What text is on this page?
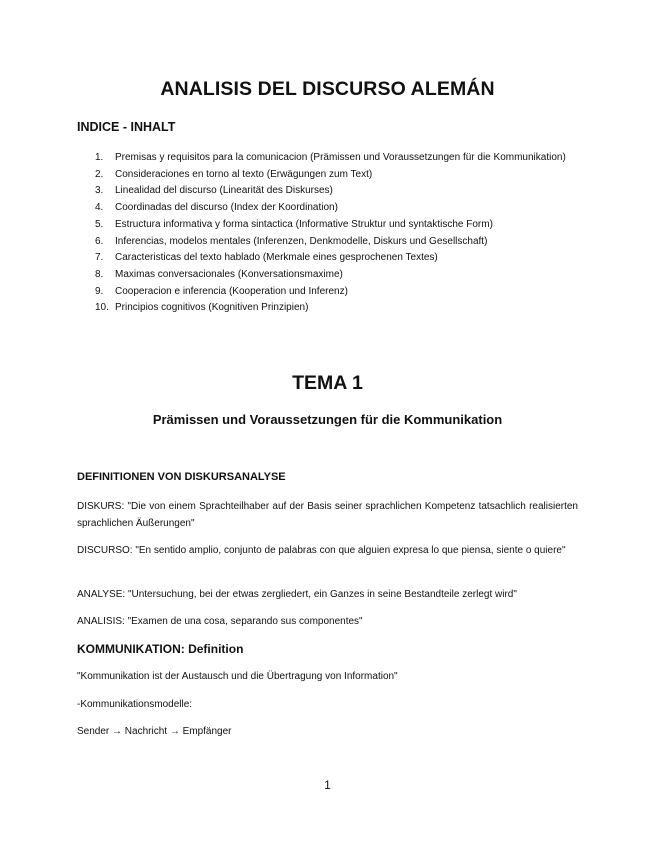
ANALISIS DEL DISCURSO ALEMÁN
INDICE - INHALT
1.	Premisas y requisitos para la comunicacion (Prämissen und Voraussetzungen für die Kommunikation)
2.	Consideraciones en torno al texto (Erwägungen zum Text)
3.	Linealidad del discurso (Linearität des Diskurses)
4.	Coordinadas del discurso (Index der Koordination)
5.	Estructura informativa y forma sintactica (Informative Struktur und syntaktische Form)
6.	Inferencias, modelos mentales (Inferenzen, Denkmodelle, Diskurs und Gesellschaft)
7.	Caracteristicas del texto hablado (Merkmale eines gesprochenen Textes)
8.	Maximas conversacionales (Konversationsmaxime)
9.	Cooperacion e inferencia (Kooperation und Inferenz)
10. Principios cognitivos (Kognitiven Prinzipien)
TEMA 1
Prämissen und Voraussetzungen für die Kommunikation
DEFINITIONEN VON DISKURSANALYSE

DISKURS: "Die von einem Sprachteilhaber auf der Basis seiner sprachlichen Kompetenz tatsachlich realisierten sprachlichen Äußerungen"

DISCURSO: "En sentido amplio, conjunto de palabras con que alguien expresa lo que piensa, siente o quiere"

ANALYSE: "Untersuchung, bei der etwas zergliedert, ein Ganzes in seine Bestandteile zerlegt wird"

ANALISIS: "Examen de una cosa, separando sus componentes"

KOMMUNIKATION: Definition

"Kommunikation ist der Austausch und die Übertragung von Information"

-Kommunikationsmodelle:

Sender → Nachricht → Empfänger

1
